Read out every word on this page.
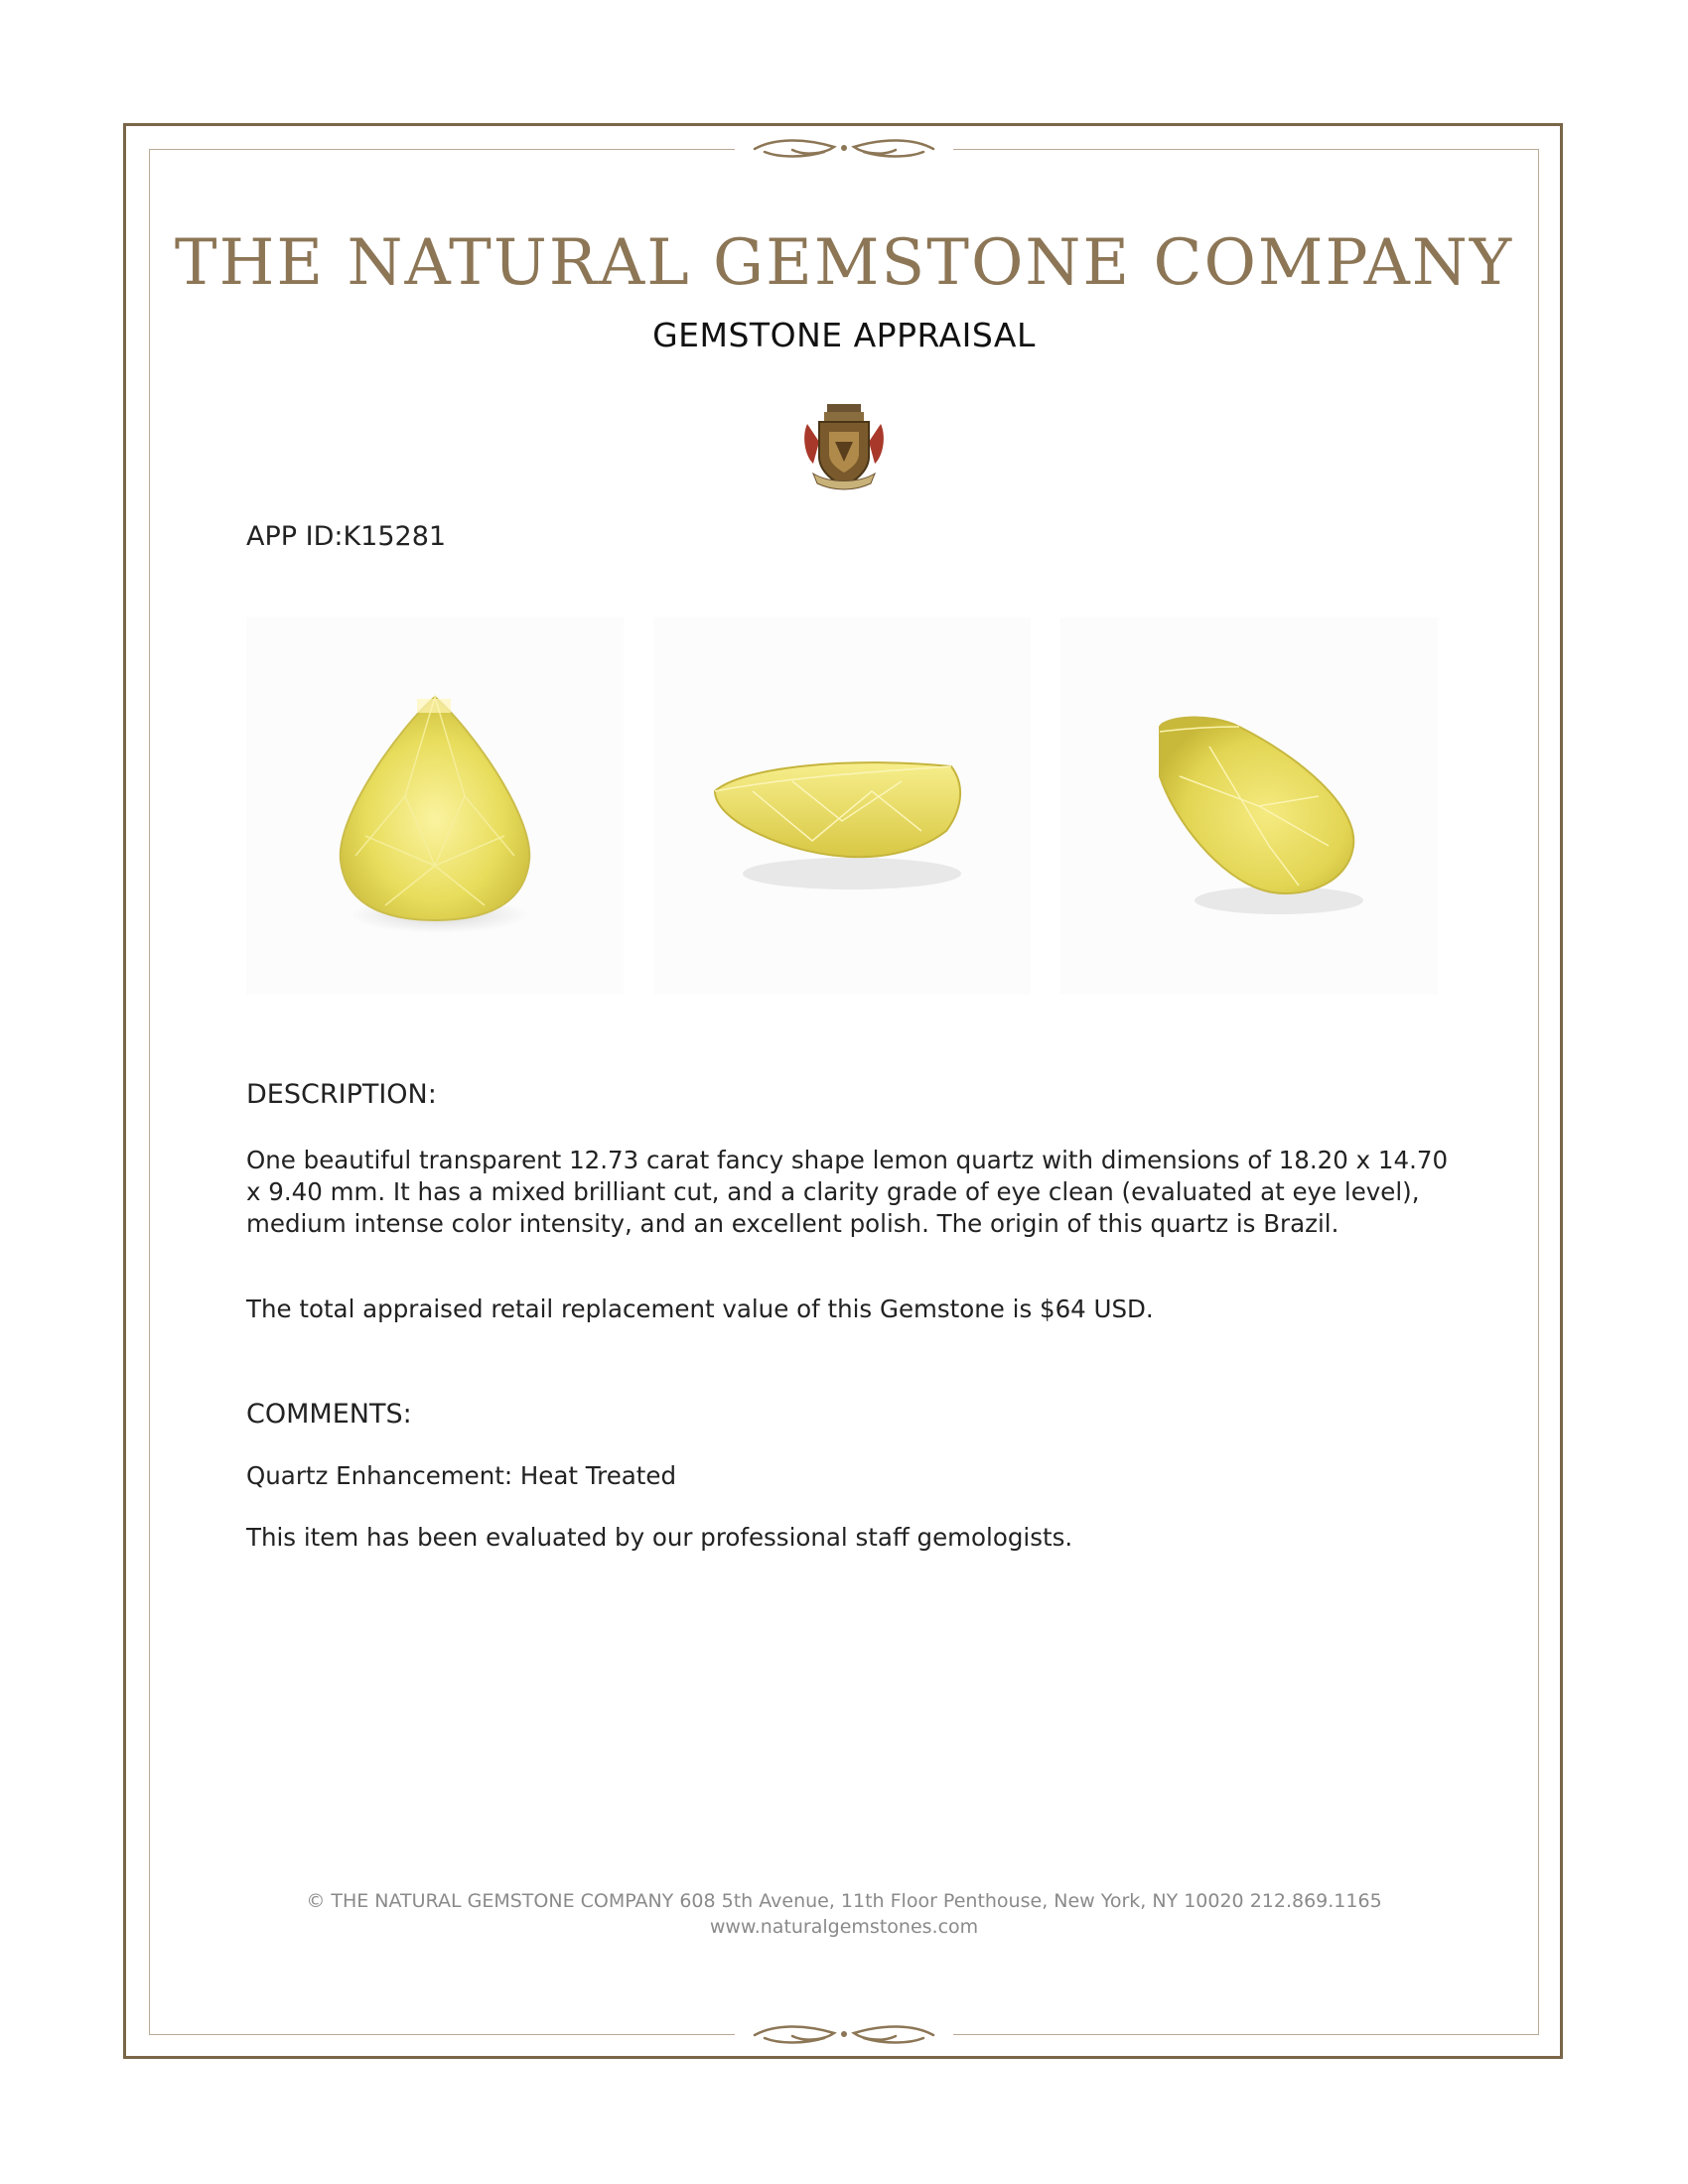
THE NATURAL GEMSTONE COMPANY
GEMSTONE APPRAISAL
APP ID:K15281
DESCRIPTION:

One beautiful transparent 12.73 carat fancy shape lemon quartz with dimensions of 18.20 x 14.70 x 9.40 mm. It has a mixed brilliant cut, and a clarity grade of eye clean (evaluated at eye level), medium intense color intensity, and an excellent polish. The origin of this quartz is Brazil.

The total appraised retail replacement value of this Gemstone is $64 USD.

COMMENTS:

Quartz Enhancement: Heat Treated

This item has been evaluated by our professional staff gemologists.

© THE NATURAL GEMSTONE COMPANY 608 5th Avenue, 11th Floor Penthouse, New York, NY 10020 212.869.1165

www.naturalgemstones.com
